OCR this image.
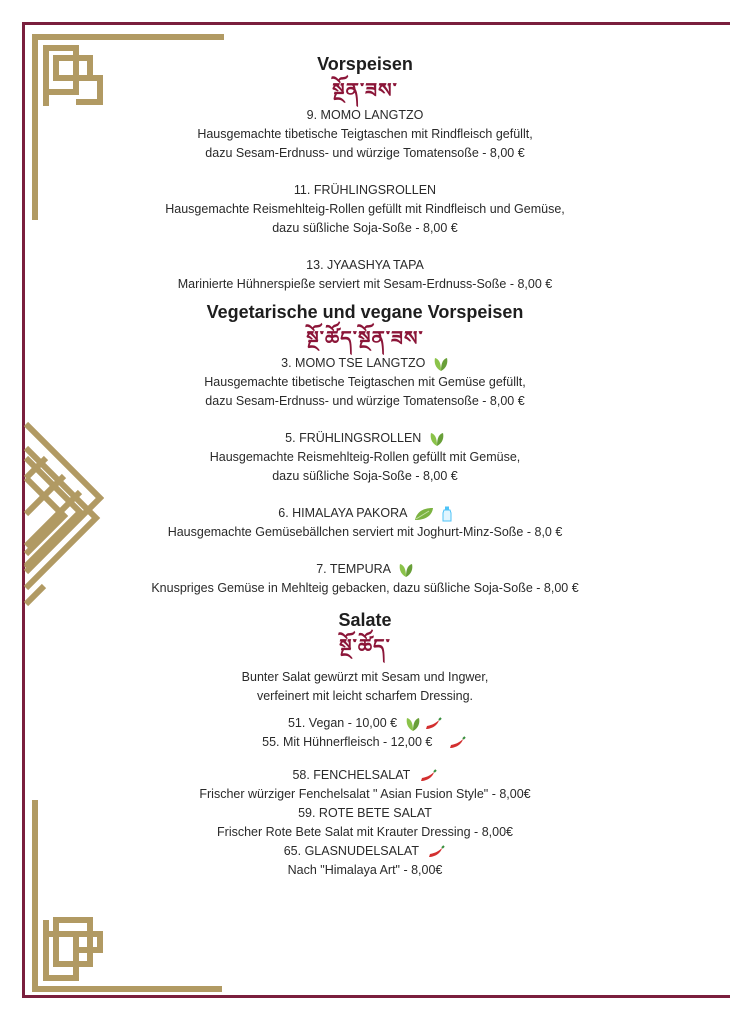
Vorspeisen

སྔོན་ཟས་

9. MOMO LANGTZO
Hausgemachte tibetische Teigtaschen mit Rindfleisch gefüllt,
dazu Sesam-Erdnuss- und würzige Tomatensoße - 8,00 €
11. FRÜHLINGSROLLEN
Hausgemachte Reismehlteig-Rollen gefüllt mit Rindfleisch und Gemüse,
dazu süßliche Soja-Soße - 8,00 €
13. JYAASHYA TAPA
Marinierte Hühnerspieße serviert mit Sesam-Erdnuss-Soße - 8,00 €
Vegetarische und vegane Vorspeisen

སྔོ་ཚོད་སྔོན་ཟས་

3. MOMO TSE LANGTZO
Hausgemachte tibetische Teigtaschen mit Gemüse gefüllt,
dazu Sesam-Erdnuss- und würzige Tomatensoße - 8,00 €
5. FRÜHLINGSROLLEN
Hausgemachte Reismehlteig-Rollen gefüllt mit Gemüse,
dazu süßliche Soja-Soße - 8,00 €
6. HIMALAYA PAKORA
Hausgemachte Gemüsebällchen serviert mit Joghurt-Minz-Soße - 8,0 €
7. TEMPURA
Knuspriges Gemüse in Mehlteig gebacken, dazu süßliche Soja-Soße - 8,00 €
Salate

སྔོ་ཚོད་

Bunter Salat gewürzt mit Sesam und Ingwer,
verfeinert mit leicht scharfem Dressing.
51. Vegan - 10,00 €
55. Mit Hühnerfleisch - 12,00 €
58. FENCHELSALAT
Frischer würziger Fenchelsalat " Asian Fusion Style" - 8,00€
59. ROTE BETE SALAT
Frischer Rote Bete Salat mit Krauter Dressing - 8,00€
65. GLASNUDELSALAT
Nach "Himalaya Art" - 8,00€
